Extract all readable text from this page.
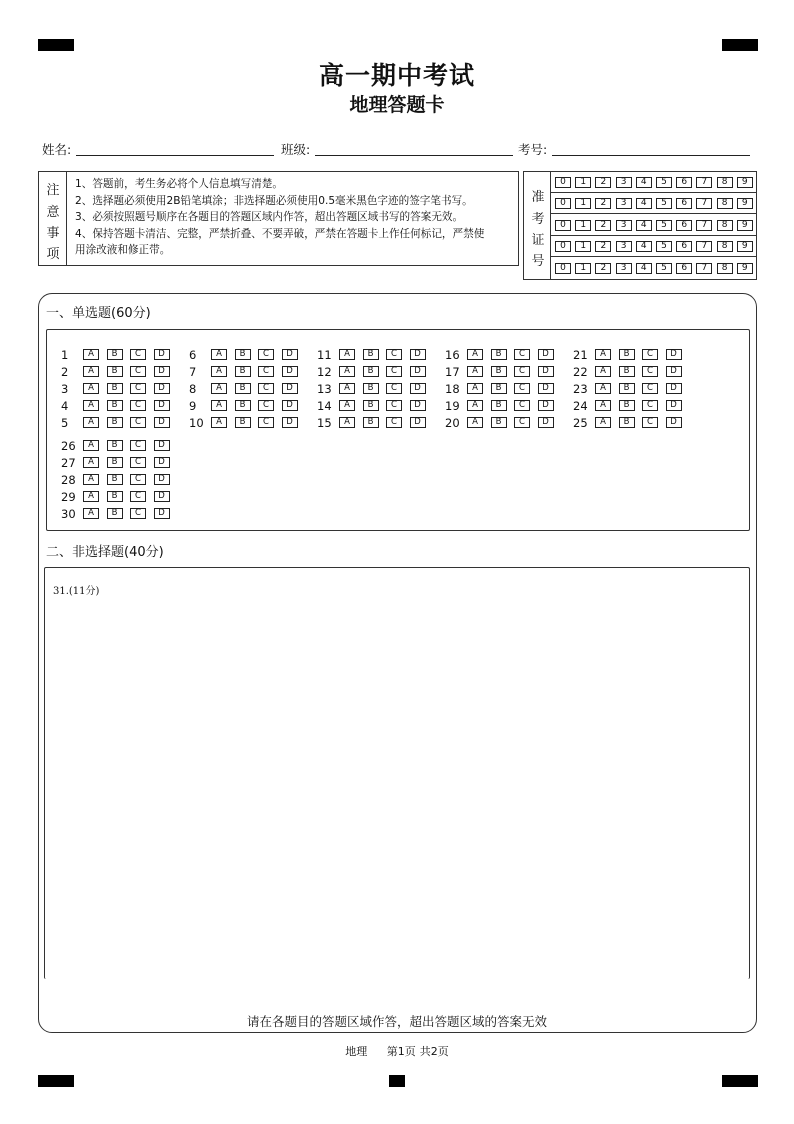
高一期中考试
地理答题卡
姓名:	班级:	考号:
注
意
事
项
1、答题前，考生务必将个人信息填写清楚。
2、选择题必须使用2B铅笔填涂；非选择题必须使用0.5毫米黑色字迹的签字笔书写。
3、必须按照题号顺序在各题目的答题区域内作答，超出答题区域书写的答案无效。
4、保持答题卡清洁、完整，严禁折叠、不要弄破，严禁在答题卡上作任何标记，严禁使
用涂改液和修正带。
准
考
证
号
0	1	2	3	4	5	6	7	8	9
0	1	2	3	4	5	6	7	8	9
0	1	2	3	4	5	6	7	8	9
0	1	2	3	4	5	6	7	8	9
0	1	2	3	4	5	6	7	8	9
一、单选题(60分)
1	A	B	C	D
2	A	B	C	D
3	A	B	C	D
4	A	B	C	D
5	A	B	C	D
6	A	B	C	D
7	A	B	C	D
8	A	B	C	D
9	A	B	C	D
10	A	B	C	D
11	A	B	C	D
12	A	B	C	D
13	A	B	C	D
14	A	B	C	D
15	A	B	C	D
16	A	B	C	D
17	A	B	C	D
18	A	B	C	D
19	A	B	C	D
20	A	B	C	D
21	A	B	C	D
22	A	B	C	D
23	A	B	C	D
24	A	B	C	D
25	A	B	C	D
26	A	B	C	D
27	A	B	C	D
28	A	B	C	D
29	A	B	C	D
30	A	B	C	D
二、非选择题(40分)
31.(11分)
请在各题目的答题区域作答，超出答题区域的答案无效
地理 第1页 共2页
